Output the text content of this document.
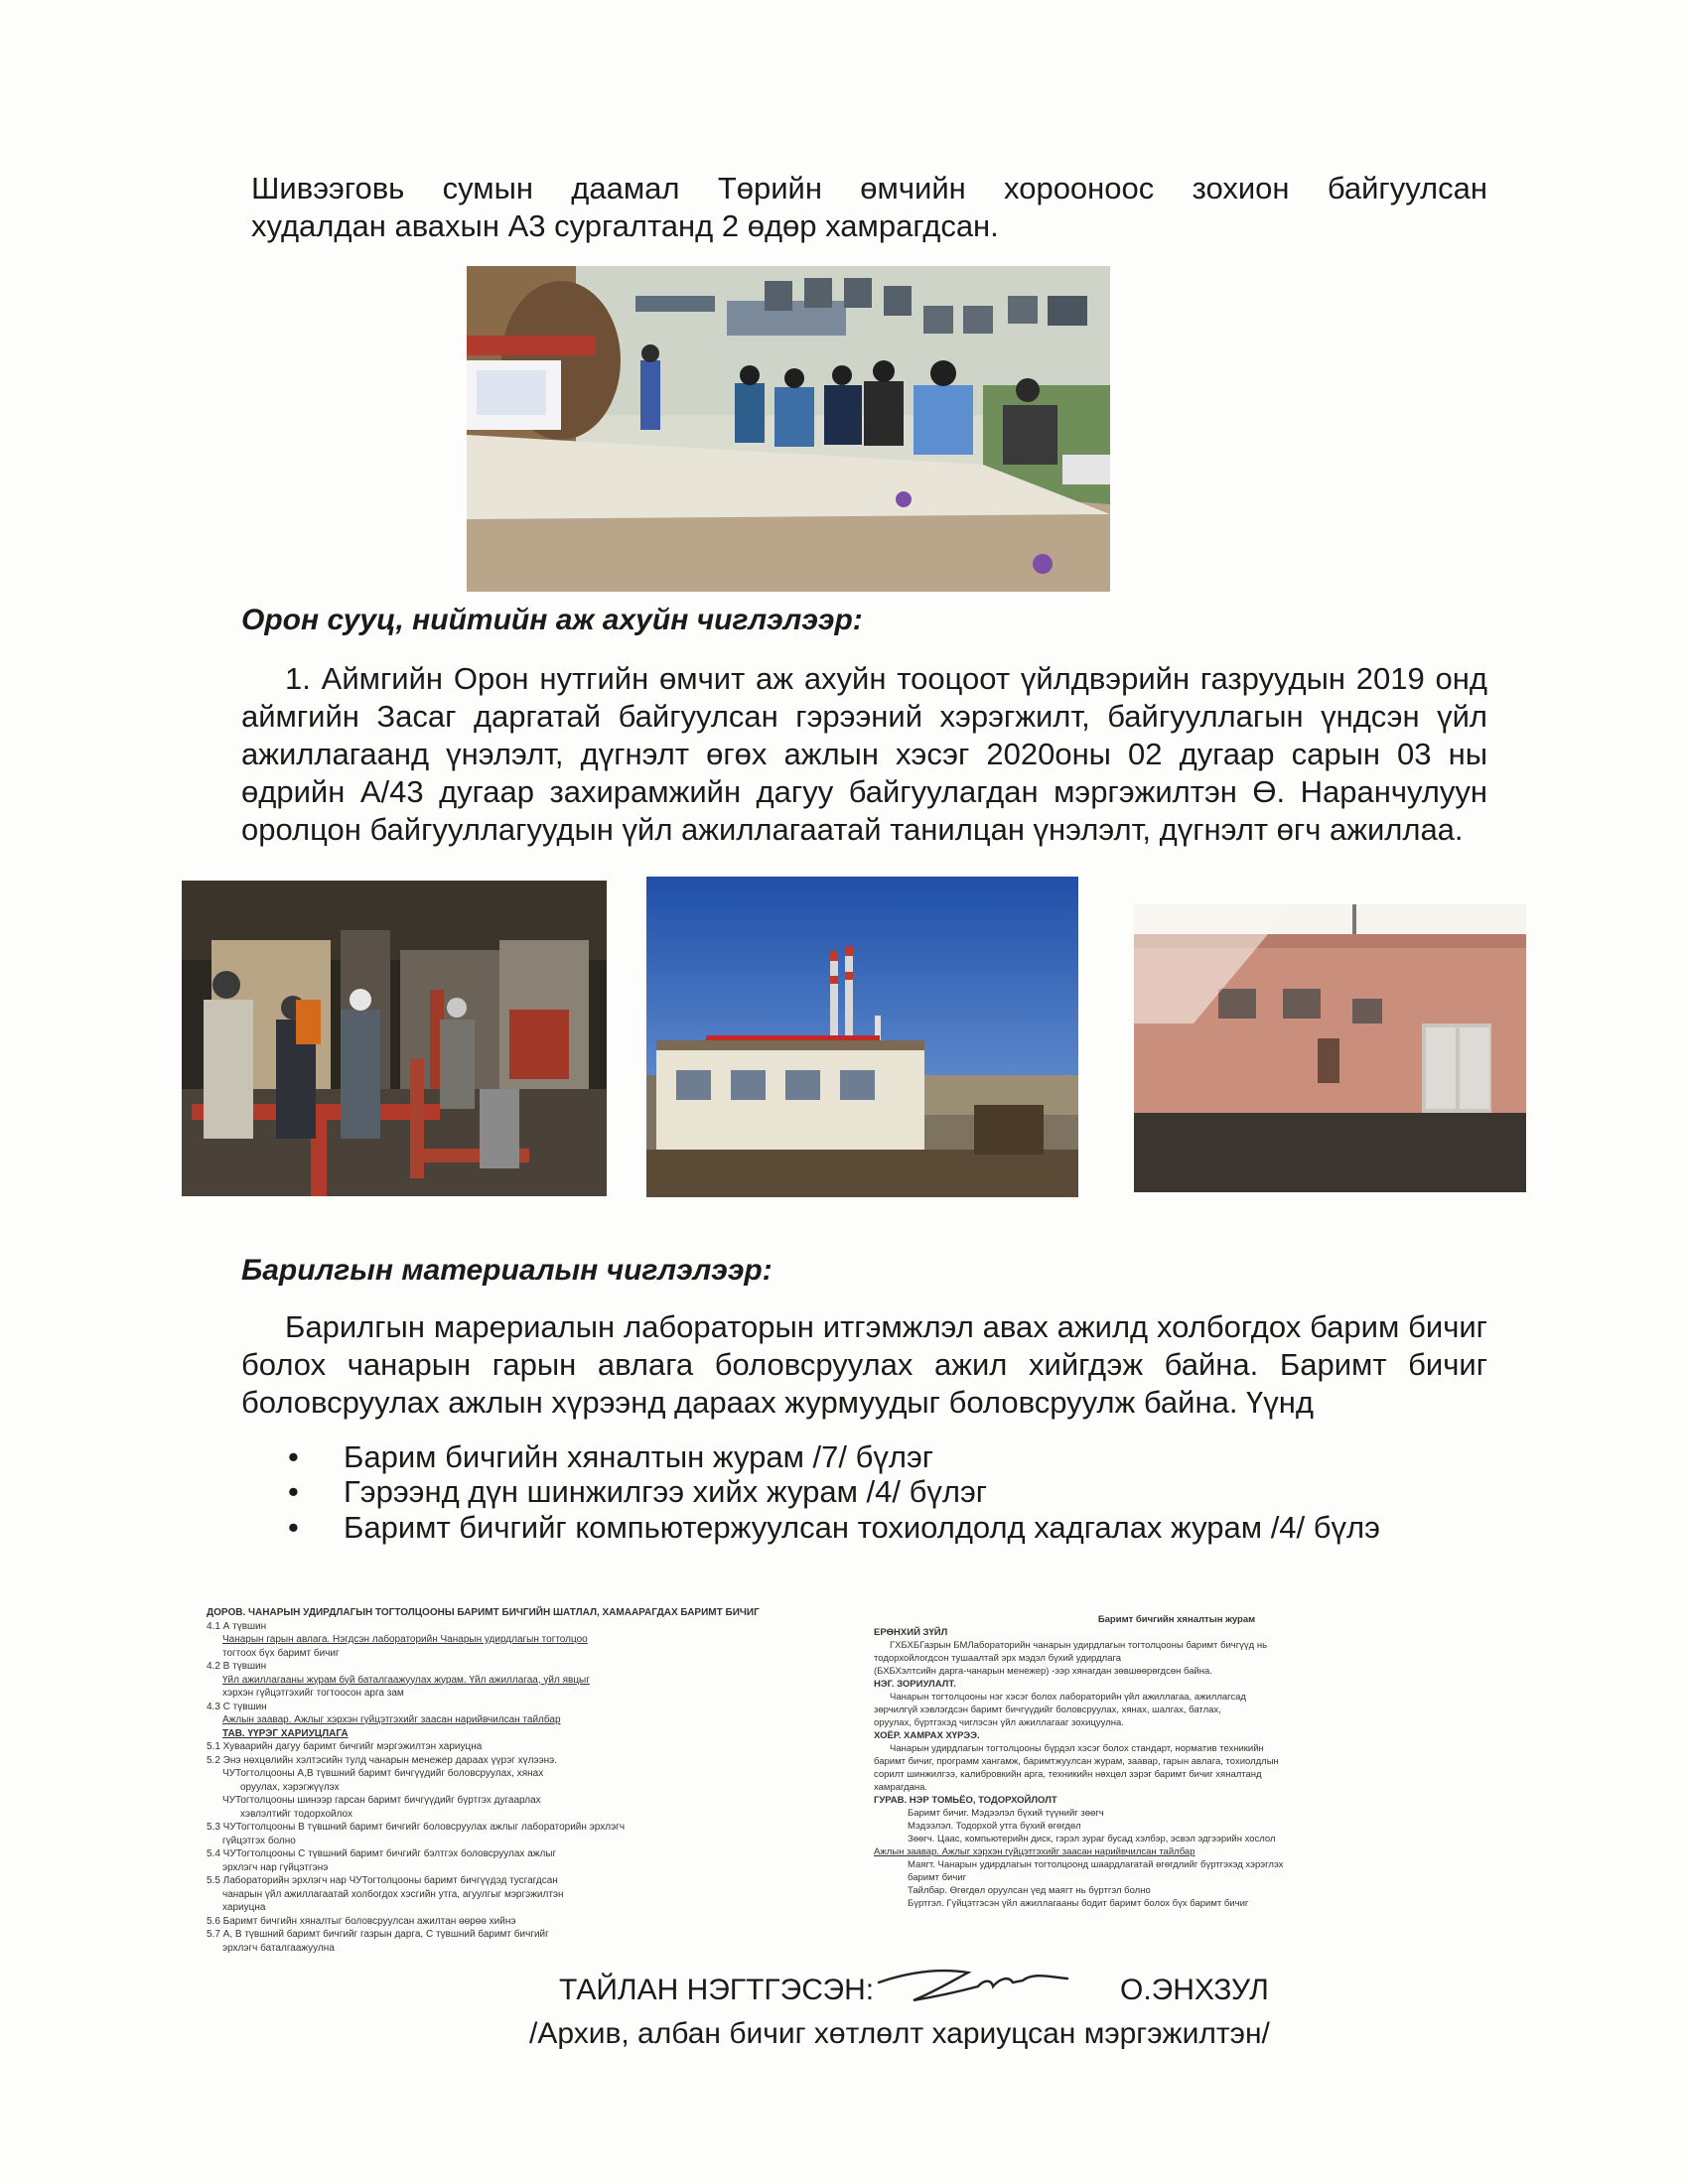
Шивээговь сумын даамал Төрийн өмчийн хорооноос зохион байгуулсан
худалдан авахын А3 сургалтанд 2 өдөр хамрагдсан.
Орон сууц, нийтийн аж ахуйн чиглэлээр:
1. Аймгийн Орон нутгийн өмчит аж ахуйн тооцоот үйлдвэрийн газруудын 2019 онд аймгийн Засаг даргатай байгуулсан гэрээний хэрэгжилт, байгууллагын үндсэн үйл ажиллагаанд үнэлэлт, дүгнэлт өгөх ажлын хэсэг 2020оны 02 дугаар сарын 03 ны өдрийн А/43 дугаар захирамжийн дагуу байгуулагдан мэргэжилтэн Ө. Наранчулуун оролцон байгууллагуудын үйл ажиллагаатай танилцан үнэлэлт, дүгнэлт өгч ажиллаа.
Барилгын материалын чиглэлээр:
Барилгын марериалын лабораторын итгэмжлэл авах ажилд холбогдох барим бичиг болох чанарын гарын авлага боловсруулах ажил хийгдэж байна. Баримт бичиг боловсруулах ажлын хүрээнд дараах журмуудыг боловсруулж байна. Үүнд
• Барим бичгийн хяналтын журам /7/ бүлэг
• Гэрээнд дүн шинжилгээ хийх журам /4/ бүлэг
• Баримт бичгийг компьютержуулсан тохиолдолд хадгалах журам /4/ бүлэ
ДОРОВ. ЧАНАРЫН УДИРДЛАГЫН ТОГТОЛЦООНЫ БАРИМТ БИЧГИЙН ШАТЛАЛ, ХАМААРАГДАХ БАРИМТ БИЧИГ
4.1 А түвшин
Чанарын гарын авлага. Нэгдсэн лабораторийн Чанарын удирдлагын тогтолцоо
тогтоох бүх баримт бичиг
4.2 В түвшин
Үйл ажиллагааны журам буй баталгаажуулах журам. Үйл ажиллагаа, үйл явцыг
хэрхэн гүйцэтгэхийг тогтоосон арга зам
4.3 С түвшин
Ажлын заавар. Ажлыг хэрхэн гүйцэтгэхийг заасан нарийвчилсан тайлбар
ТАВ. ҮҮРЭГ ХАРИУЦЛАГА
5.1 Хуваарийн дагуу баримт бичгийг мэргэжилтэн хариуцна
5.2 Энэ нөхцөлийн хэлтэсийн тулд чанарын менежер дараах үүрэг хүлээнэ.
ЧУТогтолцооны А,В түвшний баримт бичгүүдийг боловсруулах, хянах
оруулах, хэрэгжүүлэх
ЧУТогтолцооны шинээр гарсан баримт бичгүүдийг бүртгэх дугаарлах
хэвлэлтийг тодорхойлох
5.3 ЧУТогтолцооны В түвшний баримт бичгийг боловсруулах ажлыг лабораторийн эрхлэгч
гүйцэтгэх болно
5.4 ЧУТогтолцооны С түвшний баримт бичгийг бэлтгэх боловсруулах ажлыг
эрхлэгч нар гүйцэтгэнэ
5.5 Лабораторийн эрхлэгч нар ЧУТогтолцооны баримт бичгүүдэд тусгагдсан
чанарын үйл ажиллагаатай холбогдох хэсгийн утга, агуулгыг мэргэжилтэн
хариуцна
5.6 Баримт бичгийн хяналтыг боловсруулсан ажилтан өөрөө хийнэ
5.7 А, В түвшний баримт бичгийг газрын дарга, С түвшний баримт бичгийг
эрхлэгч баталгаажуулна
Баримт бичгийн хяналтын журам
ЕРӨНХИЙ ЗҮЙЛ
ГХБХБГазрын БМЛабораторийн чанарын удирдлагын тогтолцооны баримт бичгүүд нь
тодорхойлогдсон тушаалтай эрх мэдэл бүхий удирдлага
(БХБХэлтсийн дарга-чанарын менежер) -ээр хянагдан зөвшөөрөгдсөн байна.
НЭГ. ЗОРИУЛАЛТ.
Чанарын тогтолцооны нэг хэсэг болох лабораторийн үйл ажиллагаа, ажиллагсад
зөрчилгүй хэвлэгдсэн баримт бичгүүдийг боловсруулах, хянах, шалгах, батлах,
оруулах, бүртгэхэд чиглэсэн үйл ажиллагааг зохицуулна.
ХОЁР. ХАМРАХ ХҮРЭЭ.
Чанарын удирдлагын тогтолцооны бүрдэл хэсэг болох стандарт, норматив техникийн
баримт бичиг, программ хангамж, баримтжуулсан журам, заавар, гарын авлага, тохиолдлын
сорилт шинжилгээ, калибровкийн арга, техникийн нөхцөл зэрэг баримт бичиг хяналтанд
хамрагдана.
ГУРАВ. НЭР ТОМЬЁО, ТОДОРХОЙЛОЛТ
Баримт бичиг. Мэдээлэл бүхий түүнийг зөөгч
Мэдээлэл. Тодорхой утга бүхий өгөгдөл
Зөөгч. Цаас, компьютерийн диск, гэрэл зураг бусад хэлбэр, эсвэл эдгээрийн хослол
Ажлын заавар. Ажлыг хэрхэн гүйцэтгэхийг заасан нарийвчилсан тайлбар
Маягт. Чанарын удирдлагын тогтолцоонд шаардлагатай өгөгдлийг бүртгэхэд хэрэглэх
баримт бичиг
Тайлбар. Өгөгдөл оруулсан үед маягт нь бүртгэл болно
Бүртгэл. Гүйцэтгэсэн үйл ажиллагааны бодит баримт болох бүх баримт бичиг
ТАЙЛАН НЭГТГЭСЭН:	О.ЭНХЗУЛ
/Архив, албан бичиг хөтлөлт хариуцсан мэргэжилтэн/
